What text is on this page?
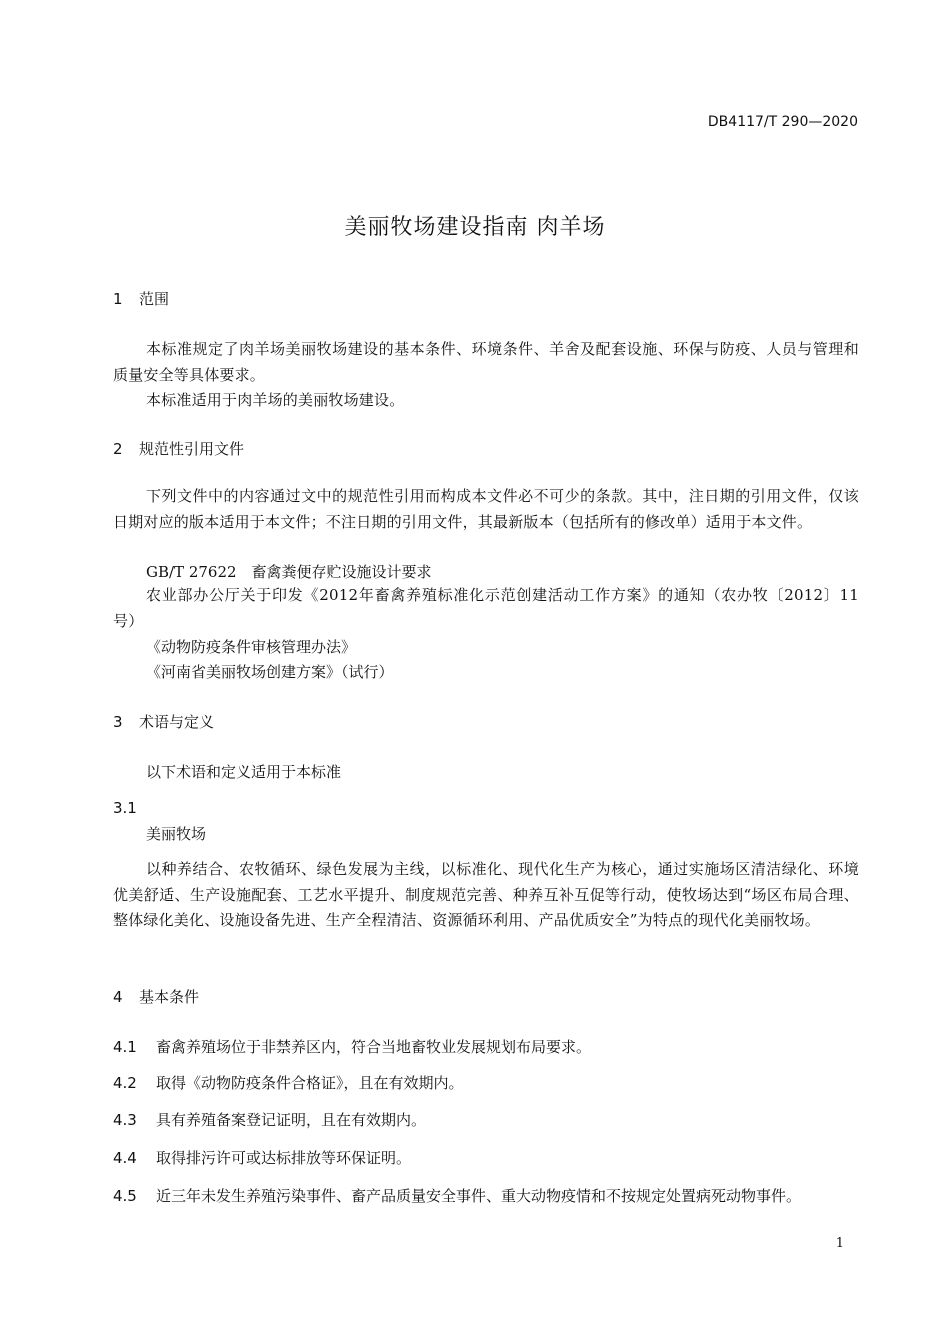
DB4117/T 290—2020
美丽牧场建设指南 肉羊场
1 范围
本标准规定了肉羊场美丽牧场建设的基本条件、环境条件、羊舍及配套设施、环保与防疫、人员与管理和质量安全等具体要求。
本标准适用于肉羊场的美丽牧场建设。
2 规范性引用文件
下列文件中的内容通过文中的规范性引用而构成本文件必不可少的条款。其中，注日期的引用文件，仅该日期对应的版本适用于本文件；不注日期的引用文件，其最新版本（包括所有的修改单）适用于本文件。
GB/T 27622　畜禽粪便存贮设施设计要求
农业部办公厅关于印发《2012年畜禽养殖标准化示范创建活动工作方案》的通知（农办牧〔2012〕11号）
《动物防疫条件审核管理办法》
《河南省美丽牧场创建方案》（试行）
3 术语与定义
以下术语和定义适用于本标准
3.1
美丽牧场
以种养结合、农牧循环、绿色发展为主线，以标准化、现代化生产为核心，通过实施场区清洁绿化、环境优美舒适、生产设施配套、工艺水平提升、制度规范完善、种养互补互促等行动，使牧场达到“场区布局合理、整体绿化美化、设施设备先进、生产全程清洁、资源循环利用、产品优质安全”为特点的现代化美丽牧场。
4 基本条件
4.1 畜禽养殖场位于非禁养区内，符合当地畜牧业发展规划布局要求。
4.2 取得《动物防疫条件合格证》，且在有效期内。
4.3 具有养殖备案登记证明，且在有效期内。
4.4 取得排污许可或达标排放等环保证明。
4.5 近三年未发生养殖污染事件、畜产品质量安全事件、重大动物疫情和不按规定处置病死动物事件。
1
